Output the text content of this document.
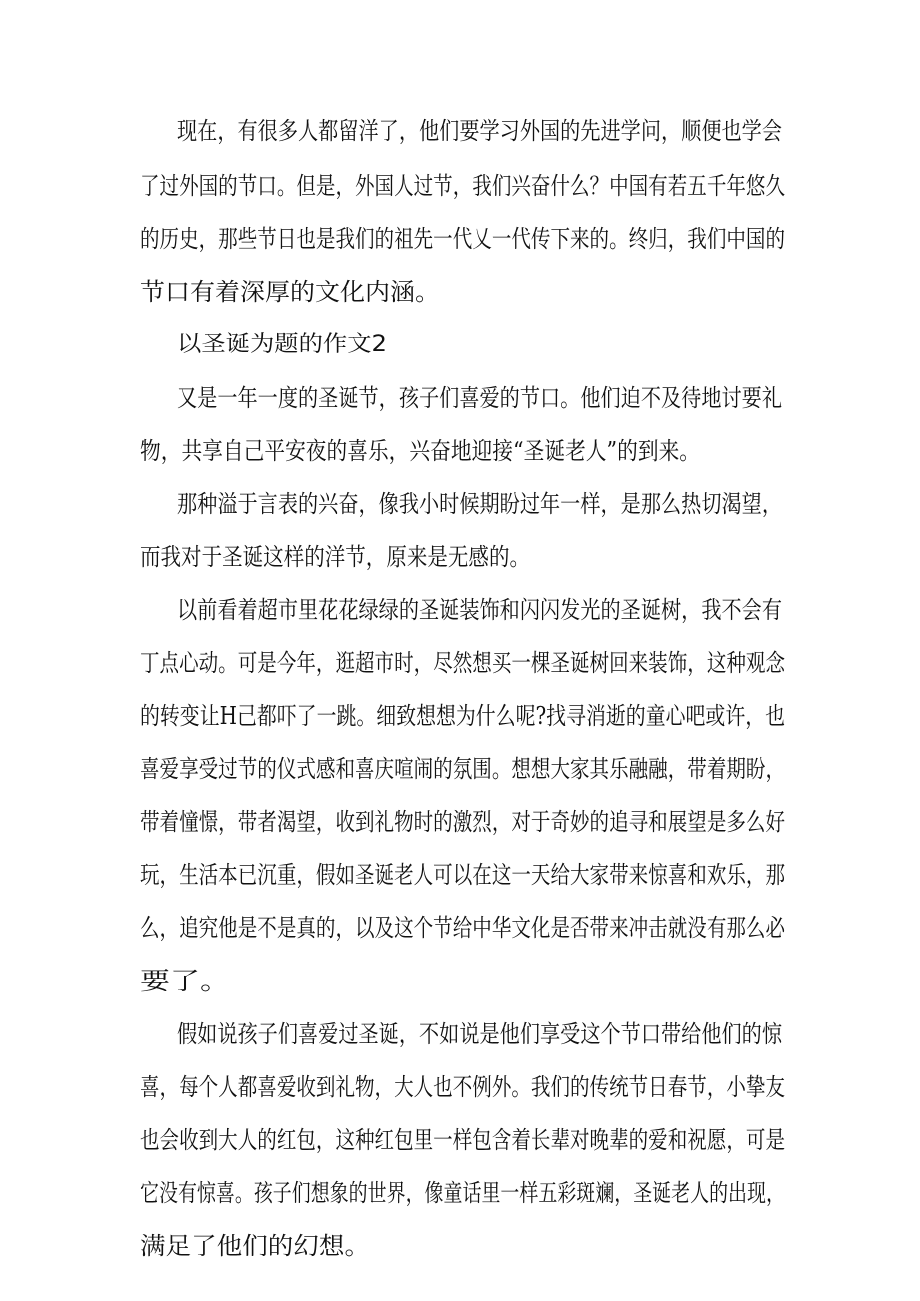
现在，有很多人都留洋了，他们要学习外国的先进学问，顺便也学会
了过外国的节口。但是，外国人过节，我们兴奋什么？中国有若五千年悠久
的历史，那些节日也是我们的祖先一代乂一代传下来的。终归，我们中国的
节口有着深厚的文化内涵。
以圣诞为题的作文2
又是一年一度的圣诞节，孩子们喜爱的节口。他们迫不及待地讨要礼
物，共享自己平安夜的喜乐，兴奋地迎接“圣诞老人”的到来。
那种溢于言表的兴奋，像我小时候期盼过年一样，是那么热切渴望，
而我对于圣诞这样的洋节，原来是无感的。
以前看着超市里花花绿绿的圣诞装饰和闪闪发光的圣诞树，我不会有
丁点心动。可是今年，逛超市时，尽然想买一棵圣诞树回来装饰，这种观念
的转变让H己都吓了一跳。细致想想为什么呢?找寻消逝的童心吧或许，也
喜爱享受过节的仪式感和喜庆喧闹的氛围。想想大家其乐融融，带着期盼，
带着憧憬，带者渴望，收到礼物时的激烈，对于奇妙的追寻和展望是多么好
玩，生活本已沉重，假如圣诞老人可以在这一天给大家带来惊喜和欢乐，那
么，追究他是不是真的，以及这个节给中华文化是否带来冲击就没有那么必
要了。
假如说孩子们喜爱过圣诞，不如说是他们享受这个节口带给他们的惊
喜，每个人都喜爱收到礼物，大人也不例外。我们的传统节日春节，小挚友
也会收到大人的红包，这种红包里一样包含着长辈对晚辈的爱和祝愿，可是
它没有惊喜。孩子们想象的世界，像童话里一样五彩斑斓，圣诞老人的出现，
满足了他们的幻想。
